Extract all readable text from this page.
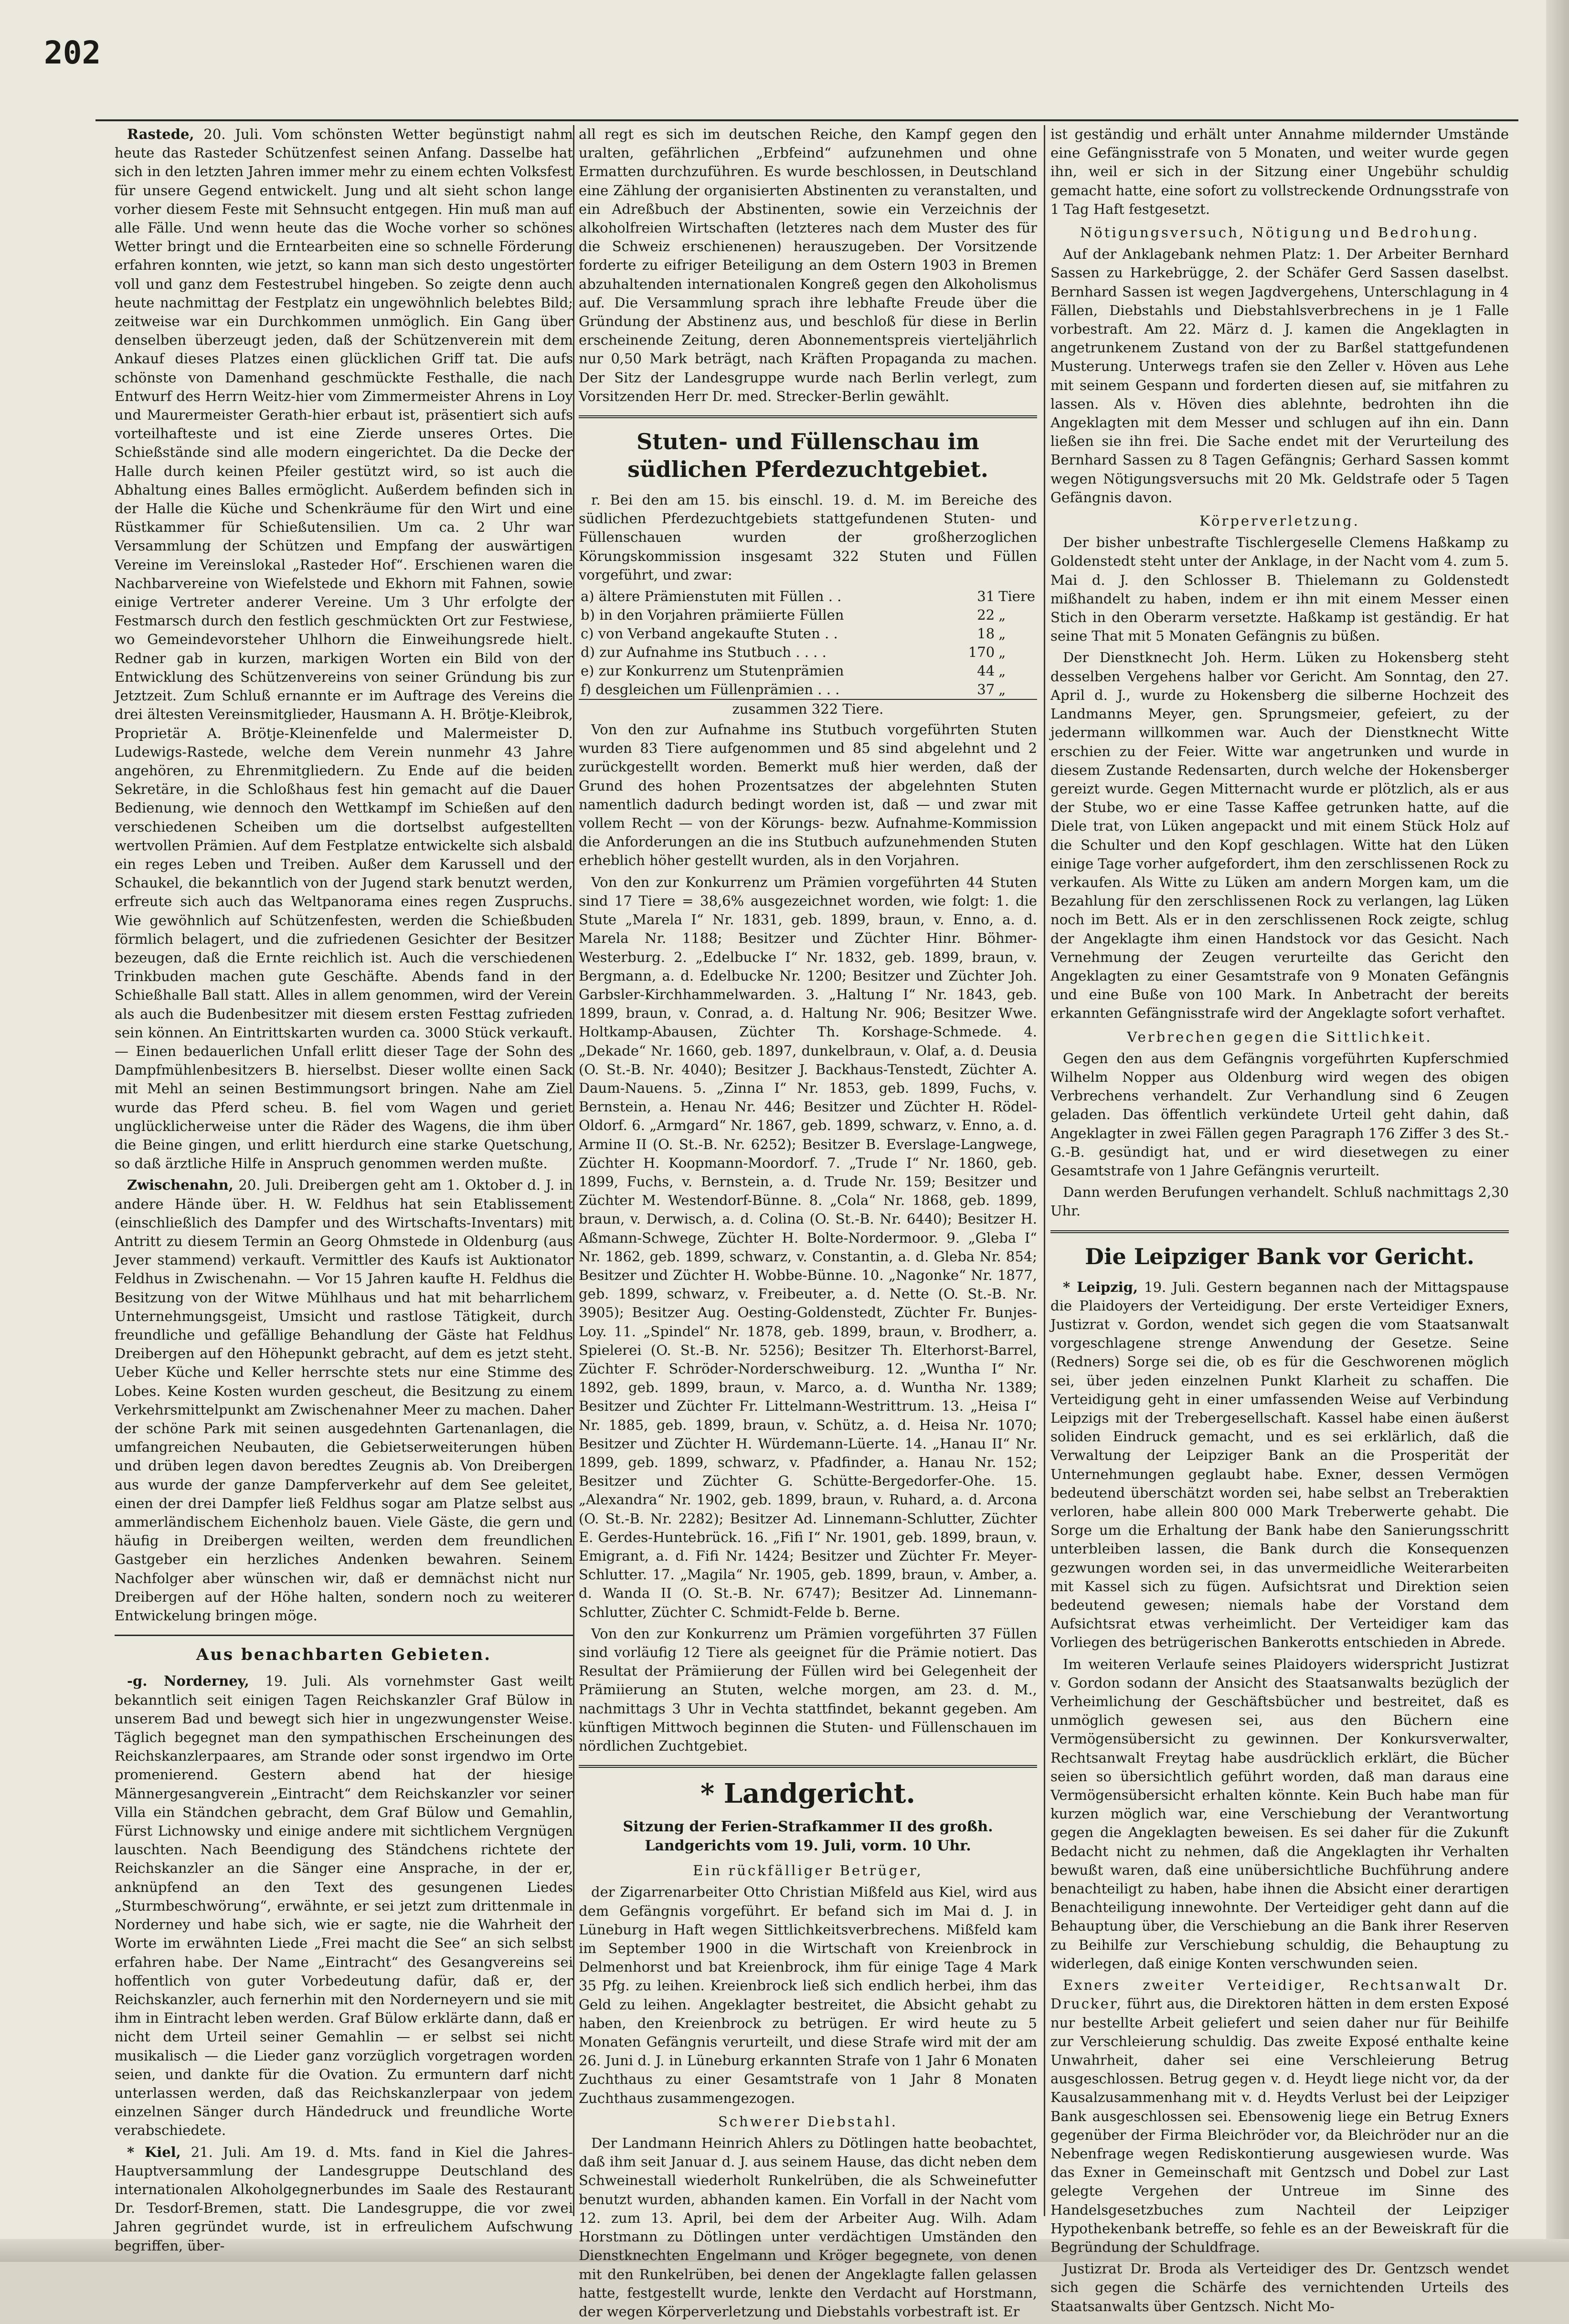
202

Rastede, 20. Juli. Vom schönsten Wetter begünstigt nahm heute das Rasteder Schützenfest seinen Anfang. Dasselbe hat sich in den letzten Jahren immer mehr zu einem echten Volksfest für unsere Gegend entwickelt. Jung und alt sieht schon lange vorher diesem Feste mit Sehnsucht entgegen. Hin muß man auf alle Fälle. Und wenn heute das die Woche vorher so schönes Wetter bringt und die Erntearbeiten eine so schnelle Förderung erfahren konnten, wie jetzt, so kann man sich desto ungestörter voll und ganz dem Festestrubel hingeben. So zeigte denn auch heute nachmittag der Festplatz ein ungewöhnlich belebtes Bild; zeitweise war ein Durchkommen unmöglich. Ein Gang über denselben überzeugt jeden, daß der Schützenverein mit dem Ankauf dieses Platzes einen glücklichen Griff tat. Die aufs schönste von Damenhand geschmückte Festhalle, die nach Entwurf des Herrn Weitz-hier vom Zimmermeister Ahrens in Loy und Maurermeister Gerath-hier erbaut ist, präsentiert sich aufs vorteilhafteste und ist eine Zierde unseres Ortes. Die Schießstände sind alle modern eingerichtet. Da die Decke der Halle durch keinen Pfeiler gestützt wird, so ist auch die Abhaltung eines Balles ermöglicht. Außerdem befinden sich in der Halle die Küche und Schenkräume für den Wirt und eine Rüstkammer für Schießutensilien. Um ca. 2 Uhr war Versammlung der Schützen und Empfang der auswärtigen Vereine im Vereinslokal „Rasteder Hof“. Erschienen waren die Nachbarvereine von Wiefelstede und Ekhorn mit Fahnen, sowie einige Vertreter anderer Vereine. Um 3 Uhr erfolgte der Festmarsch durch den festlich geschmückten Ort zur Festwiese, wo Gemeindevorsteher Uhlhorn die Einweihungsrede hielt. Redner gab in kurzen, markigen Worten ein Bild von der Entwicklung des Schützenvereins von seiner Gründung bis zur Jetztzeit. Zum Schluß ernannte er im Auftrage des Vereins die drei ältesten Vereinsmitglieder, Hausmann A. H. Brötje-Kleibrok, Proprietär A. Brötje-Kleinenfelde und Malermeister D. Ludewigs-Rastede, welche dem Verein nunmehr 43 Jahre angehören, zu Ehrenmitgliedern. Zu Ende auf die beiden Sekretäre, in die Schloßhaus fest hin gemacht auf die Dauer Bedienung, wie dennoch den Wettkampf im Schießen auf den verschiedenen Scheiben um die dortselbst aufgestellten wertvollen Prämien. Auf dem Festplatze entwickelte sich alsbald ein reges Leben und Treiben. Außer dem Karussell und der Schaukel, die bekanntlich von der Jugend stark benutzt werden, erfreute sich auch das Weltpanorama eines regen Zuspruchs. Wie gewöhnlich auf Schützenfesten, werden die Schießbuden förmlich belagert, und die zufriedenen Gesichter der Besitzer bezeugen, daß die Ernte reichlich ist. Auch die verschiedenen Trinkbuden machen gute Geschäfte. Abends fand in der Schießhalle Ball statt. Alles in allem genommen, wird der Verein als auch die Budenbesitzer mit diesem ersten Festtag zufrieden sein können. An Eintrittskarten wurden ca. 3000 Stück verkauft. — Einen bedauerlichen Unfall erlitt dieser Tage der Sohn des Dampfmühlenbesitzers B. hierselbst. Dieser wollte einen Sack mit Mehl an seinen Bestimmungsort bringen. Nahe am Ziel wurde das Pferd scheu. B. fiel vom Wagen und geriet unglücklicherweise unter die Räder des Wagens, die ihm über die Beine gingen, und erlitt hierdurch eine starke Quetschung, so daß ärztliche Hilfe in Anspruch genommen werden mußte.

Zwischenahn, 20. Juli. Dreibergen geht am 1. Oktober d. J. in andere Hände über. H. W. Feldhus hat sein Etablissement (einschließlich des Dampfer und des Wirtschafts-Inventars) mit Antritt zu diesem Termin an Georg Ohmstede in Oldenburg (aus Jever stammend) verkauft. Vermittler des Kaufs ist Auktionator Feldhus in Zwischenahn. — Vor 15 Jahren kaufte H. Feldhus die Besitzung von der Witwe Mühlhaus und hat mit beharrlichem Unternehmungsgeist, Umsicht und rastlose Tätigkeit, durch freundliche und gefällige Behandlung der Gäste hat Feldhus Dreibergen auf den Höhepunkt gebracht, auf dem es jetzt steht. Ueber Küche und Keller herrschte stets nur eine Stimme des Lobes. Keine Kosten wurden gescheut, die Besitzung zu einem Verkehrsmittelpunkt am Zwischenahner Meer zu machen. Daher der schöne Park mit seinen ausgedehnten Gartenanlagen, die umfangreichen Neubauten, die Gebietserweiterungen hüben und drüben legen davon beredtes Zeugnis ab. Von Dreibergen aus wurde der ganze Dampferverkehr auf dem See geleitet, einen der drei Dampfer ließ Feldhus sogar am Platze selbst aus ammerländischem Eichenholz bauen. Viele Gäste, die gern und häufig in Dreibergen weilten, werden dem freundlichen Gastgeber ein herzliches Andenken bewahren. Seinem Nachfolger aber wünschen wir, daß er demnächst nicht nur Dreibergen auf der Höhe halten, sondern noch zu weiterer Entwickelung bringen möge.

Aus benachbarten Gebieten.

-g. Norderney, 19. Juli. Als vornehmster Gast weilt bekanntlich seit einigen Tagen Reichskanzler Graf Bülow in unserem Bad und bewegt sich hier in ungezwungenster Weise. Täglich begegnet man den sympathischen Erscheinungen des Reichskanzlerpaares, am Strande oder sonst irgendwo im Orte promenierend. Gestern abend hat der hiesige Männergesangverein „Eintracht“ dem Reichskanzler vor seiner Villa ein Ständchen gebracht, dem Graf Bülow und Gemahlin, Fürst Lichnowsky und einige andere mit sichtlichem Vergnügen lauschten. Nach Beendigung des Ständchens richtete der Reichskanzler an die Sänger eine Ansprache, in der er, anknüpfend an den Text des gesungenen Liedes „Sturmbeschwörung“, erwähnte, er sei jetzt zum drittenmale in Norderney und habe sich, wie er sagte, nie die Wahrheit der Worte im erwähnten Liede „Frei macht die See“ an sich selbst erfahren habe. Der Name „Eintracht“ des Gesangvereins sei hoffentlich von guter Vorbedeutung dafür, daß er, der Reichskanzler, auch fernerhin mit den Norderneyern und sie mit ihm in Eintracht leben werden. Graf Bülow erklärte dann, daß er nicht dem Urteil seiner Gemahlin — er selbst sei nicht musikalisch — die Lieder ganz vorzüglich vorgetragen worden seien, und dankte für die Ovation. Zu ermuntern darf nicht unterlassen werden, daß das Reichskanzlerpaar von jedem einzelnen Sänger durch Händedruck und freundliche Worte verabschiedete.

* Kiel, 21. Juli. Am 19. d. Mts. fand in Kiel die Jahres-Hauptversammlung der Landesgruppe Deutschland des internationalen Alkoholgegnerbundes im Saale des Restaurant Dr. Tesdorf-Bremen, statt. Die Landesgruppe, die vor zwei Jahren gegründet wurde, ist in erfreulichem Aufschwung begriffen, über-

all regt es sich im deutschen Reiche, den Kampf gegen den uralten, gefährlichen „Erbfeind“ aufzunehmen und ohne Ermatten durchzuführen. Es wurde beschlossen, in Deutschland eine Zählung der organisierten Abstinenten zu veranstalten, und ein Adreßbuch der Abstinenten, sowie ein Verzeichnis der alkoholfreien Wirtschaften (letzteres nach dem Muster des für die Schweiz erschienenen) herauszugeben. Der Vorsitzende forderte zu eifriger Beteiligung an dem Ostern 1903 in Bremen abzuhaltenden internationalen Kongreß gegen den Alkoholismus auf. Die Versammlung sprach ihre lebhafte Freude über die Gründung der Abstinenz aus, und beschloß für diese in Berlin erscheinende Zeitung, deren Abonnementspreis vierteljährlich nur 0,50 Mark beträgt, nach Kräften Propaganda zu machen. Der Sitz der Landesgruppe wurde nach Berlin verlegt, zum Vorsitzenden Herr Dr. med. Strecker-Berlin gewählt.

Stuten- und Füllenschau im südlichen Pferdezuchtgebiet.

r. Bei den am 15. bis einschl. 19. d. M. im Bereiche des südlichen Pferdezuchtgebiets stattgefundenen Stuten- und Füllenschauen wurden der großherzoglichen Körungskommission insgesamt 322 Stuten und Füllen vorgeführt, und zwar:

a) ältere Prämienstuten mit Füllen . .	31	Tiere
b) in den Vorjahren prämiierte Füllen	22	„
c) von Verband angekaufte Stuten . .	18	„
d) zur Aufnahme ins Stutbuch . . . .	170	„
e) zur Konkurrenz um Stutenprämien	44	„
f) desgleichen um Füllenprämien . . .	37	„
zusammen 322 Tiere.		

Von den zur Aufnahme ins Stutbuch vorgeführten Stuten wurden 83 Tiere aufgenommen und 85 sind abgelehnt und 2 zurückgestellt worden. Bemerkt muß hier werden, daß der Grund des hohen Prozentsatzes der abgelehnten Stuten namentlich dadurch bedingt worden ist, daß — und zwar mit vollem Recht — von der Körungs- bezw. Aufnahme-Kommission die Anforderungen an die ins Stutbuch aufzunehmenden Stuten erheblich höher gestellt wurden, als in den Vorjahren.

Von den zur Konkurrenz um Prämien vorgeführten 44 Stuten sind 17 Tiere = 38,6% ausgezeichnet worden, wie folgt: 1. die Stute „Marela I“ Nr. 1831, geb. 1899, braun, v. Enno, a. d. Marela Nr. 1188; Besitzer und Züchter Hinr. Böhmer-Westerburg. 2. „Edelbucke I“ Nr. 1832, geb. 1899, braun, v. Bergmann, a. d. Edelbucke Nr. 1200; Besitzer und Züchter Joh. Garbsler-Kirchhammelwarden. 3. „Haltung I“ Nr. 1843, geb. 1899, braun, v. Conrad, a. d. Haltung Nr. 906; Besitzer Wwe. Holtkamp-Abausen, Züchter Th. Korshage-Schmede. 4. „Dekade“ Nr. 1660, geb. 1897, dunkelbraun, v. Olaf, a. d. Deusia (O. St.-B. Nr. 4040); Besitzer J. Backhaus-Tenstedt, Züchter A. Daum-Nauens. 5. „Zinna I“ Nr. 1853, geb. 1899, Fuchs, v. Bernstein, a. Henau Nr. 446; Besitzer und Züchter H. Rödel-Oldorf. 6. „Armgard“ Nr. 1867, geb. 1899, schwarz, v. Enno, a. d. Armine II (O. St.-B. Nr. 6252); Besitzer B. Everslage-Langwege, Züchter H. Koopmann-Moordorf. 7. „Trude I“ Nr. 1860, geb. 1899, Fuchs, v. Bernstein, a. d. Trude Nr. 159; Besitzer und Züchter M. Westendorf-Bünne. 8. „Cola“ Nr. 1868, geb. 1899, braun, v. Derwisch, a. d. Colina (O. St.-B. Nr. 6440); Besitzer H. Aßmann-Schwege, Züchter H. Bolte-Nordermoor. 9. „Gleba I“ Nr. 1862, geb. 1899, schwarz, v. Constantin, a. d. Gleba Nr. 854; Besitzer und Züchter H. Wobbe-Bünne. 10. „Nagonke“ Nr. 1877, geb. 1899, schwarz, v. Freibeuter, a. d. Nette (O. St.-B. Nr. 3905); Besitzer Aug. Oesting-Goldenstedt, Züchter Fr. Bunjes-Loy. 11. „Spindel“ Nr. 1878, geb. 1899, braun, v. Brodherr, a. Spielerei (O. St.-B. Nr. 5256); Besitzer Th. Elterhorst-Barrel, Züchter F. Schröder-Norderschweiburg. 12. „Wuntha I“ Nr. 1892, geb. 1899, braun, v. Marco, a. d. Wuntha Nr. 1389; Besitzer und Züchter Fr. Littelmann-Westrittrum. 13. „Heisa I“ Nr. 1885, geb. 1899, braun, v. Schütz, a. d. Heisa Nr. 1070; Besitzer und Züchter H. Würdemann-Lüerte. 14. „Hanau II“ Nr. 1899, geb. 1899, schwarz, v. Pfadfinder, a. Hanau Nr. 152; Besitzer und Züchter G. Schütte-Bergedorfer-Ohe. 15. „Alexandra“ Nr. 1902, geb. 1899, braun, v. Ruhard, a. d. Arcona (O. St.-B. Nr. 2282); Besitzer Ad. Linnemann-Schlutter, Züchter E. Gerdes-Huntebrück. 16. „Fifi I“ Nr. 1901, geb. 1899, braun, v. Emigrant, a. d. Fifi Nr. 1424; Besitzer und Züchter Fr. Meyer-Schlutter. 17. „Magila“ Nr. 1905, geb. 1899, braun, v. Amber, a. d. Wanda II (O. St.-B. Nr. 6747); Besitzer Ad. Linnemann-Schlutter, Züchter C. Schmidt-Felde b. Berne.

Von den zur Konkurrenz um Prämien vorgeführten 37 Füllen sind vorläufig 12 Tiere als geeignet für die Prämie notiert. Das Resultat der Prämiierung der Füllen wird bei Gelegenheit der Prämiierung an Stuten, welche morgen, am 23. d. M., nachmittags 3 Uhr in Vechta stattfindet, bekannt gegeben. Am künftigen Mittwoch beginnen die Stuten- und Füllenschauen im nördlichen Zuchtgebiet.

* Landgericht.
Sitzung der Ferien-Strafkammer II des großh. Landgerichts vom 19. Juli, vorm. 10 Uhr.
Ein rückfälliger Betrüger,

der Zigarrenarbeiter Otto Christian Mißfeld aus Kiel, wird aus dem Gefängnis vorgeführt. Er befand sich im Mai d. J. in Lüneburg in Haft wegen Sittlichkeitsverbrechens. Mißfeld kam im September 1900 in die Wirtschaft von Kreienbrock in Delmenhorst und bat Kreienbrock, ihm für einige Tage 4 Mark 35 Pfg. zu leihen. Kreienbrock ließ sich endlich herbei, ihm das Geld zu leihen. Angeklagter bestreitet, die Absicht gehabt zu haben, den Kreienbrock zu betrügen. Er wird heute zu 5 Monaten Gefängnis verurteilt, und diese Strafe wird mit der am 26. Juni d. J. in Lüneburg erkannten Strafe von 1 Jahr 6 Monaten Zuchthaus zu einer Gesamtstrafe von 1 Jahr 8 Monaten Zuchthaus zusammengezogen.

Schwerer Diebstahl.

Der Landmann Heinrich Ahlers zu Dötlingen hatte beobachtet, daß ihm seit Januar d. J. aus seinem Hause, das dicht neben dem Schweinestall wiederholt Runkelrüben, die als Schweinefutter benutzt wurden, abhanden kamen. Ein Vorfall in der Nacht vom 12. zum 13. April, bei dem der Arbeiter Aug. Wilh. Adam Horstmann zu Dötlingen unter verdächtigen Umständen den Dienstknechten Engelmann und Kröger begegnete, von denen mit den Runkelrüben, bei denen der Angeklagte fallen gelassen hatte, festgestellt wurde, lenkte den Verdacht auf Horstmann, der wegen Körperverletzung und Diebstahls vorbestraft ist. Er

ist geständig und erhält unter Annahme mildernder Umstände eine Gefängnisstrafe von 5 Monaten, und weiter wurde gegen ihn, weil er sich in der Sitzung einer Ungebühr schuldig gemacht hatte, eine sofort zu vollstreckende Ordnungsstrafe von 1 Tag Haft festgesetzt.

Nötigungsversuch, Nötigung und Bedrohung.

Auf der Anklagebank nehmen Platz: 1. Der Arbeiter Bernhard Sassen zu Harkebrügge, 2. der Schäfer Gerd Sassen daselbst. Bernhard Sassen ist wegen Jagdvergehens, Unterschlagung in 4 Fällen, Diebstahls und Diebstahlsverbrechens in je 1 Falle vorbestraft. Am 22. März d. J. kamen die Angeklagten in angetrunkenem Zustand von der zu Barßel stattgefundenen Musterung. Unterwegs trafen sie den Zeller v. Höven aus Lehe mit seinem Gespann und forderten diesen auf, sie mitfahren zu lassen. Als v. Höven dies ablehnte, bedrohten ihn die Angeklagten mit dem Messer und schlugen auf ihn ein. Dann ließen sie ihn frei. Die Sache endet mit der Verurteilung des Bernhard Sassen zu 8 Tagen Gefängnis; Gerhard Sassen kommt wegen Nötigungsversuchs mit 20 Mk. Geldstrafe oder 5 Tagen Gefängnis davon.

Körperverletzung.

Der bisher unbestrafte Tischlergeselle Clemens Haßkamp zu Goldenstedt steht unter der Anklage, in der Nacht vom 4. zum 5. Mai d. J. den Schlosser B. Thielemann zu Goldenstedt mißhandelt zu haben, indem er ihn mit einem Messer einen Stich in den Oberarm versetzte. Haßkamp ist geständig. Er hat seine That mit 5 Monaten Gefängnis zu büßen.

Der Dienstknecht Joh. Herm. Lüken zu Hokensberg steht desselben Vergehens halber vor Gericht. Am Sonntag, den 27. April d. J., wurde zu Hokensberg die silberne Hochzeit des Landmanns Meyer, gen. Sprungsmeier, gefeiert, zu der jedermann willkommen war. Auch der Dienstknecht Witte erschien zu der Feier. Witte war angetrunken und wurde in diesem Zustande Redensarten, durch welche der Hokensberger gereizt wurde. Gegen Mitternacht wurde er plötzlich, als er aus der Stube, wo er eine Tasse Kaffee getrunken hatte, auf die Diele trat, von Lüken angepackt und mit einem Stück Holz auf die Schulter und den Kopf geschlagen. Witte hat den Lüken einige Tage vorher aufgefordert, ihm den zerschlissenen Rock zu verkaufen. Als Witte zu Lüken am andern Morgen kam, um die Bezahlung für den zerschlissenen Rock zu verlangen, lag Lüken noch im Bett. Als er in den zerschlissenen Rock zeigte, schlug der Angeklagte ihm einen Handstock vor das Gesicht. Nach Vernehmung der Zeugen verurteilte das Gericht den Angeklagten zu einer Gesamtstrafe von 9 Monaten Gefängnis und eine Buße von 100 Mark. In Anbetracht der bereits erkannten Gefängnisstrafe wird der Angeklagte sofort verhaftet.

Verbrechen gegen die Sittlichkeit.

Gegen den aus dem Gefängnis vorgeführten Kupferschmied Wilhelm Nopper aus Oldenburg wird wegen des obigen Verbrechens verhandelt. Zur Verhandlung sind 6 Zeugen geladen. Das öffentlich verkündete Urteil geht dahin, daß Angeklagter in zwei Fällen gegen Paragraph 176 Ziffer 3 des St.-G.-B. gesündigt hat, und er wird diesetwegen zu einer Gesamtstrafe von 1 Jahre Gefängnis verurteilt.

Dann werden Berufungen verhandelt. Schluß nachmittags 2,30 Uhr.

Die Leipziger Bank vor Gericht.

* Leipzig, 19. Juli. Gestern begannen nach der Mittagspause die Plaidoyers der Verteidigung. Der erste Verteidiger Exners, Justizrat v. Gordon, wendet sich gegen die vom Staatsanwalt vorgeschlagene strenge Anwendung der Gesetze. Seine (Redners) Sorge sei die, ob es für die Geschworenen möglich sei, über jeden einzelnen Punkt Klarheit zu schaffen. Die Verteidigung geht in einer umfassenden Weise auf Verbindung Leipzigs mit der Trebergesellschaft. Kassel habe einen äußerst soliden Eindruck gemacht, und es sei erklärlich, daß die Verwaltung der Leipziger Bank an die Prosperität der Unternehmungen geglaubt habe. Exner, dessen Vermögen bedeutend überschätzt worden sei, habe selbst an Treberaktien verloren, habe allein 800 000 Mark Treberwerte gehabt. Die Sorge um die Erhaltung der Bank habe den Sanierungsschritt unterbleiben lassen, die Bank durch die Konsequenzen gezwungen worden sei, in das unvermeidliche Weiterarbeiten mit Kassel sich zu fügen. Aufsichtsrat und Direktion seien bedeutend gewesen; niemals habe der Vorstand dem Aufsichtsrat etwas verheimlicht. Der Verteidiger kam das Vorliegen des betrügerischen Bankerotts entschieden in Abrede.

Im weiteren Verlaufe seines Plaidoyers widerspricht Justizrat v. Gordon sodann der Ansicht des Staatsanwalts bezüglich der Verheimlichung der Geschäftsbücher und bestreitet, daß es unmöglich gewesen sei, aus den Büchern eine Vermögensübersicht zu gewinnen. Der Konkursverwalter, Rechtsanwalt Freytag habe ausdrücklich erklärt, die Bücher seien so übersichtlich geführt worden, daß man daraus eine Vermögensübersicht erhalten könnte. Kein Buch habe man für kurzen möglich war, eine Verschiebung der Verantwortung gegen die Angeklagten beweisen. Es sei daher für die Zukunft Bedacht nicht zu nehmen, daß die Angeklagten ihr Verhalten bewußt waren, daß eine unübersichtliche Buchführung andere benachteiligt zu haben, habe ihnen die Absicht einer derartigen Benachteiligung innewohnte. Der Verteidiger geht dann auf die Behauptung über, die Verschiebung an die Bank ihrer Reserven zu Beihilfe zur Verschiebung schuldig, die Behauptung zu widerlegen, daß einige Konten verschwunden seien.

Exners zweiter Verteidiger, Rechtsanwalt Dr. Drucker, führt aus, die Direktoren hätten in dem ersten Exposé nur bestellte Arbeit geliefert und seien daher nur für Beihilfe zur Verschleierung schuldig. Das zweite Exposé enthalte keine Unwahrheit, daher sei eine Verschleierung Betrug ausgeschlossen. Betrug gegen v. d. Heydt liege nicht vor, da der Kausalzusammenhang mit v. d. Heydts Verlust bei der Leipziger Bank ausgeschlossen sei. Ebensowenig liege ein Betrug Exners gegenüber der Firma Bleichröder vor, da Bleichröder nur an die Nebenfrage wegen Rediskontierung ausgewiesen wurde. Was das Exner in Gemeinschaft mit Gentzsch und Dobel zur Last gelegte Vergehen der Untreue im Sinne des Handelsgesetzbuches zum Nachteil der Leipziger Hypothekenbank betreffe, so fehle es an der Beweiskraft für die Begründung der Schuldfrage.

Justizrat Dr. Broda als Verteidiger des Dr. Gentzsch wendet sich gegen die Schärfe des vernichtenden Urteils des Staatsanwalts über Gentzsch. Nicht Mo-
